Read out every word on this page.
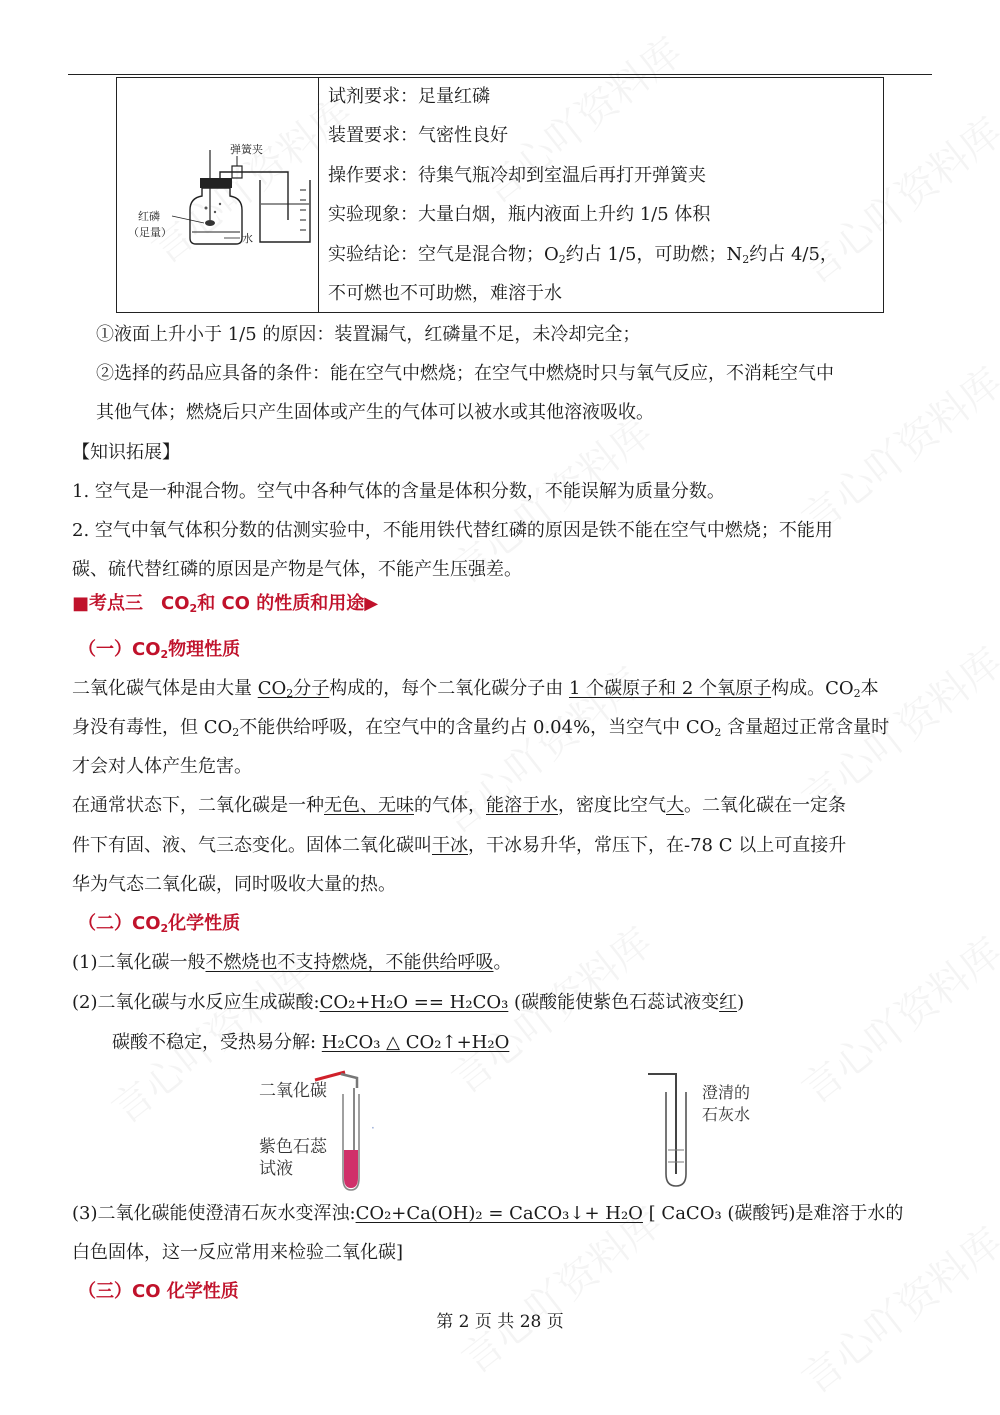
弹簧夹
红磷
（足量）	水
试剂要求：足量红磷
装置要求：气密性良好
操作要求：待集气瓶冷却到室温后再打开弹簧夹
实验现象：大量白烟，瓶内液面上升约 1/5 体积
实验结论：空气是混合物；$O_2$约占 1/5，可助燃；$N_2$约占 4/5，
不可燃也不可助燃，难溶于水
①液面上升小于 1/5 的原因：装置漏气，红磷量不足，未冷却完全；
②选择的药品应具备的条件：能在空气中燃烧；在空气中燃烧时只与氧气反应，不消耗空气中
其他气体；燃烧后只产生固体或产生的气体可以被水或其他溶液吸收。
【知识拓展】
1. 空气是一种混合物。空气中各种气体的含量是体积分数，不能误解为质量分数。
2. 空气中氧气体积分数的估测实验中，不能用铁代替红磷的原因是铁不能在空气中燃烧；不能用
碳、硫代替红磷的原因是产物是气体，不能产生压强差。
■考点三　$CO_2$和 CO 的性质和用途▶
（一）$CO_2$物理性质
二氧化碳气体是由大量 $CO_2$分子构成的，每个二氧化碳分子由 1 个碳原子和 2 个氧原子构成。$CO_2$本
身没有毒性，但 $CO_2$不能供给呼吸，在空气中的含量约占 0.04%，当空气中 $CO_2$ 含量超过正常含量时
才会对人体产生危害。
在通常状态下，二氧化碳是一种无色、无味的气体，能溶于水，密度比空气大。二氧化碳在一定条
件下有固、液、气三态变化。固体二氧化碳叫干冰，干冰易升华，常压下，在-78 C 以上可直接升
华为气态二氧化碳，同时吸收大量的热。
（二）$CO_2$化学性质
(1)二氧化碳一般不燃烧也不支持燃烧，不能供给呼吸。
(2)二氧化碳与水反应生成碳酸:CO₂+H₂O == H₂CO₃ (碳酸能使紫色石蕊试液变红)
碳酸不稳定，受热易分解: H₂CO₃ △ CO₂↑+H₂O
二氧化碳
紫色石蕊
试液
·
澄清的
石灰水
(3)二氧化碳能使澄清石灰水变浑浊:CO₂+Ca(OH)₂ = CaCO₃↓+ H₂O [ CaCO₃ (碳酸钙)是难溶于水的
白色固体，这一反应常用来检验二氧化碳]
（三）CO 化学性质
第 2 页 共 28 页
